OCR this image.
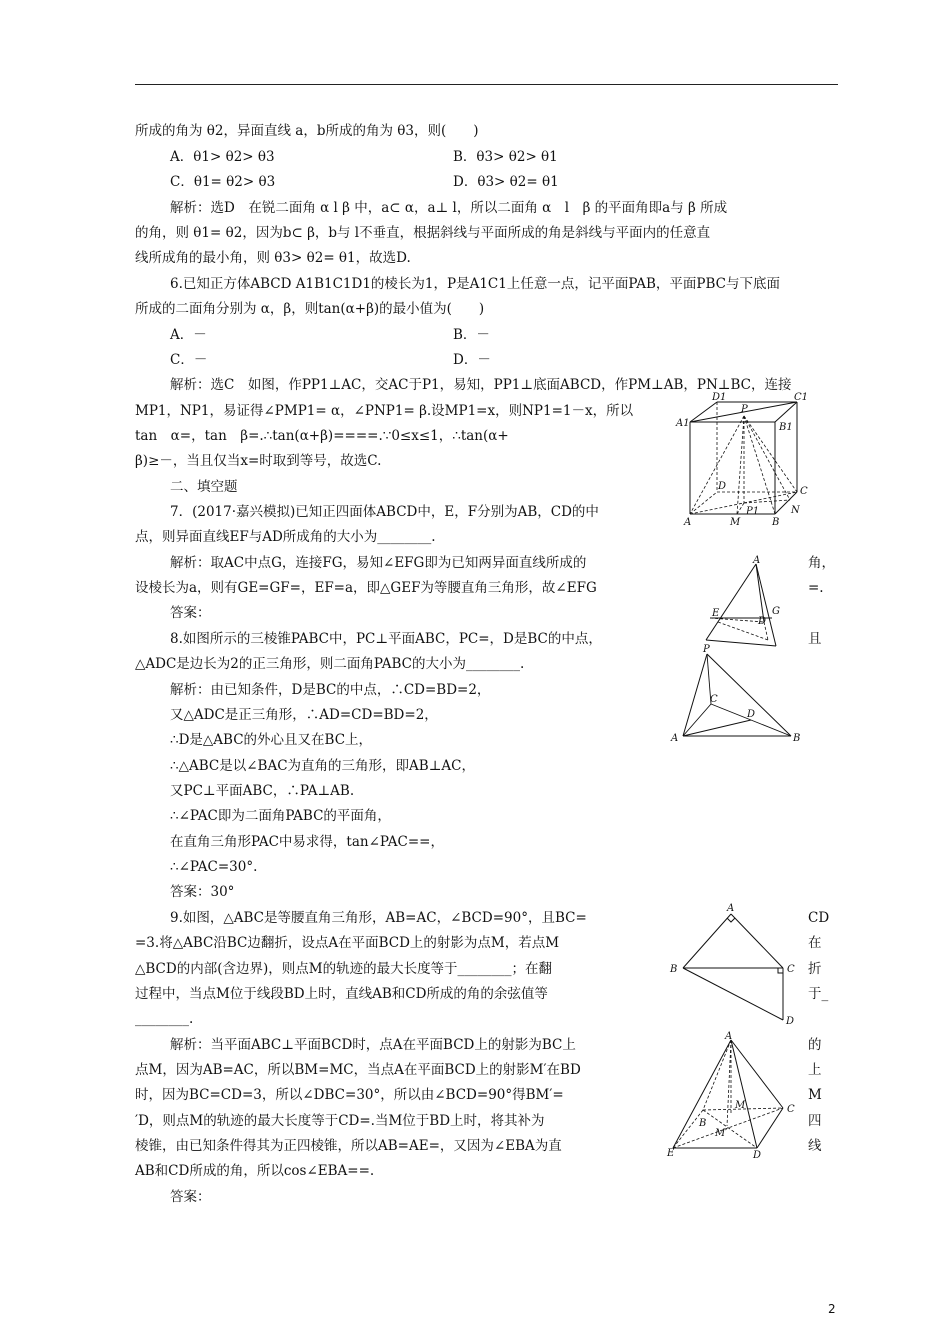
所成的角为 θ2，异面直线 a，b所成的角为 θ3，则(　　)
A．θ1> θ2> θ3	B．θ3> θ2> θ1
C．θ1= θ2> θ3	D．θ3> θ2= θ1
解析：选D　在锐二面角 α l β 中，a⊂ α，a⊥ l，所以二面角 α　l　β 的平面角即a与 β 所成
的角，则 θ1= θ2，因为b⊂ β，b与 l不垂直，根据斜线与平面所成的角是斜线与平面内的任意直
线所成角的最小角，则 θ3> θ2= θ1，故选D.
6.已知正方体ABCD A1B1C1D1的棱长为1，P是A1C1上任意一点，记平面PAB，平面PBC与下底面
所成的二面角分别为 α，β，则tan(α+β)的最小值为(　　)
A．－	B．－
C．－	D．－
解析：选C　如图，作PP1⊥AC，交AC于P1，易知，PP1⊥底面ABCD，作PM⊥AB，PN⊥BC，连接
MP1，NP1，易证得∠PMP1= α，∠PNP1= β.设MP1=x，则NP1=1－x，所以
tan　α=，tan　β=.∴tan(α+β)====.∵0≤x≤1，∴tan(α+
β)≥－，当且仅当x=时取到等号，故选C.
二、填空题
7．(2017·嘉兴模拟)已知正四面体ABCD中，E，F分别为AB，CD的中
点，则异面直线EF与AD所成角的大小为________.
解析：取AC中点G，连接FG，易知∠EFG即为已知两异面直线所成的	角，
设棱长为a，则有GE=GF=，EF=a，即△GEF为等腰直角三角形，故∠EFG	=.
答案：
8.如图所示的三棱锥PABC中，PC⊥平面ABC，PC=，D是BC的中点，	且
△ADC是边长为2的正三角形，则二面角PABC的大小为________.
解析：由已知条件，D是BC的中点，∴CD=BD=2，
又△ADC是正三角形，∴AD=CD=BD=2，
∴D是△ABC的外心且又在BC上，
∴△ABC是以∠BAC为直角的三角形，即AB⊥AC，
又PC⊥平面ABC，∴PA⊥AB.
∴∠PAC即为二面角PABC的平面角，
在直角三角形PAC中易求得，tan∠PAC==，
∴∠PAC=30°.
答案：30°
9.如图，△ABC是等腰直角三角形，AB=AC，∠BCD=90°，且BC=	CD
=3.将△ABC沿BC边翻折，设点A在平面BCD上的射影为点M，若点M	在
△BCD的内部(含边界)，则点M的轨迹的最大长度等于________；在翻	折
过程中，当点M位于线段BD上时，直线AB和CD所成的角的余弦值等	于_
________.
解析：当平面ABC⊥平面BCD时，点A在平面BCD上的射影为BC上	的
点M，因为AB=AC，所以BM=MC，当点A在平面BCD上的射影M′在BD	上
时，因为BC=CD=3，所以∠DBC=30°，所以由∠BCD=90°得BM′=	M
′D，则点M的轨迹的最大长度等于CD=.当M位于BD上时，将其补为	四
棱锥，由已知条件得其为正四棱锥，所以AB=AE=，又因为∠EBA为直	线
AB和CD所成的角，所以cos∠EBA==.
答案：
D1
P
C1
A1	B1
D	C
A	M
P1
B
N
A
E	G
D
P
C
D
A	B
A
B	C
D
A
M	C
B
M′
E	D
2
